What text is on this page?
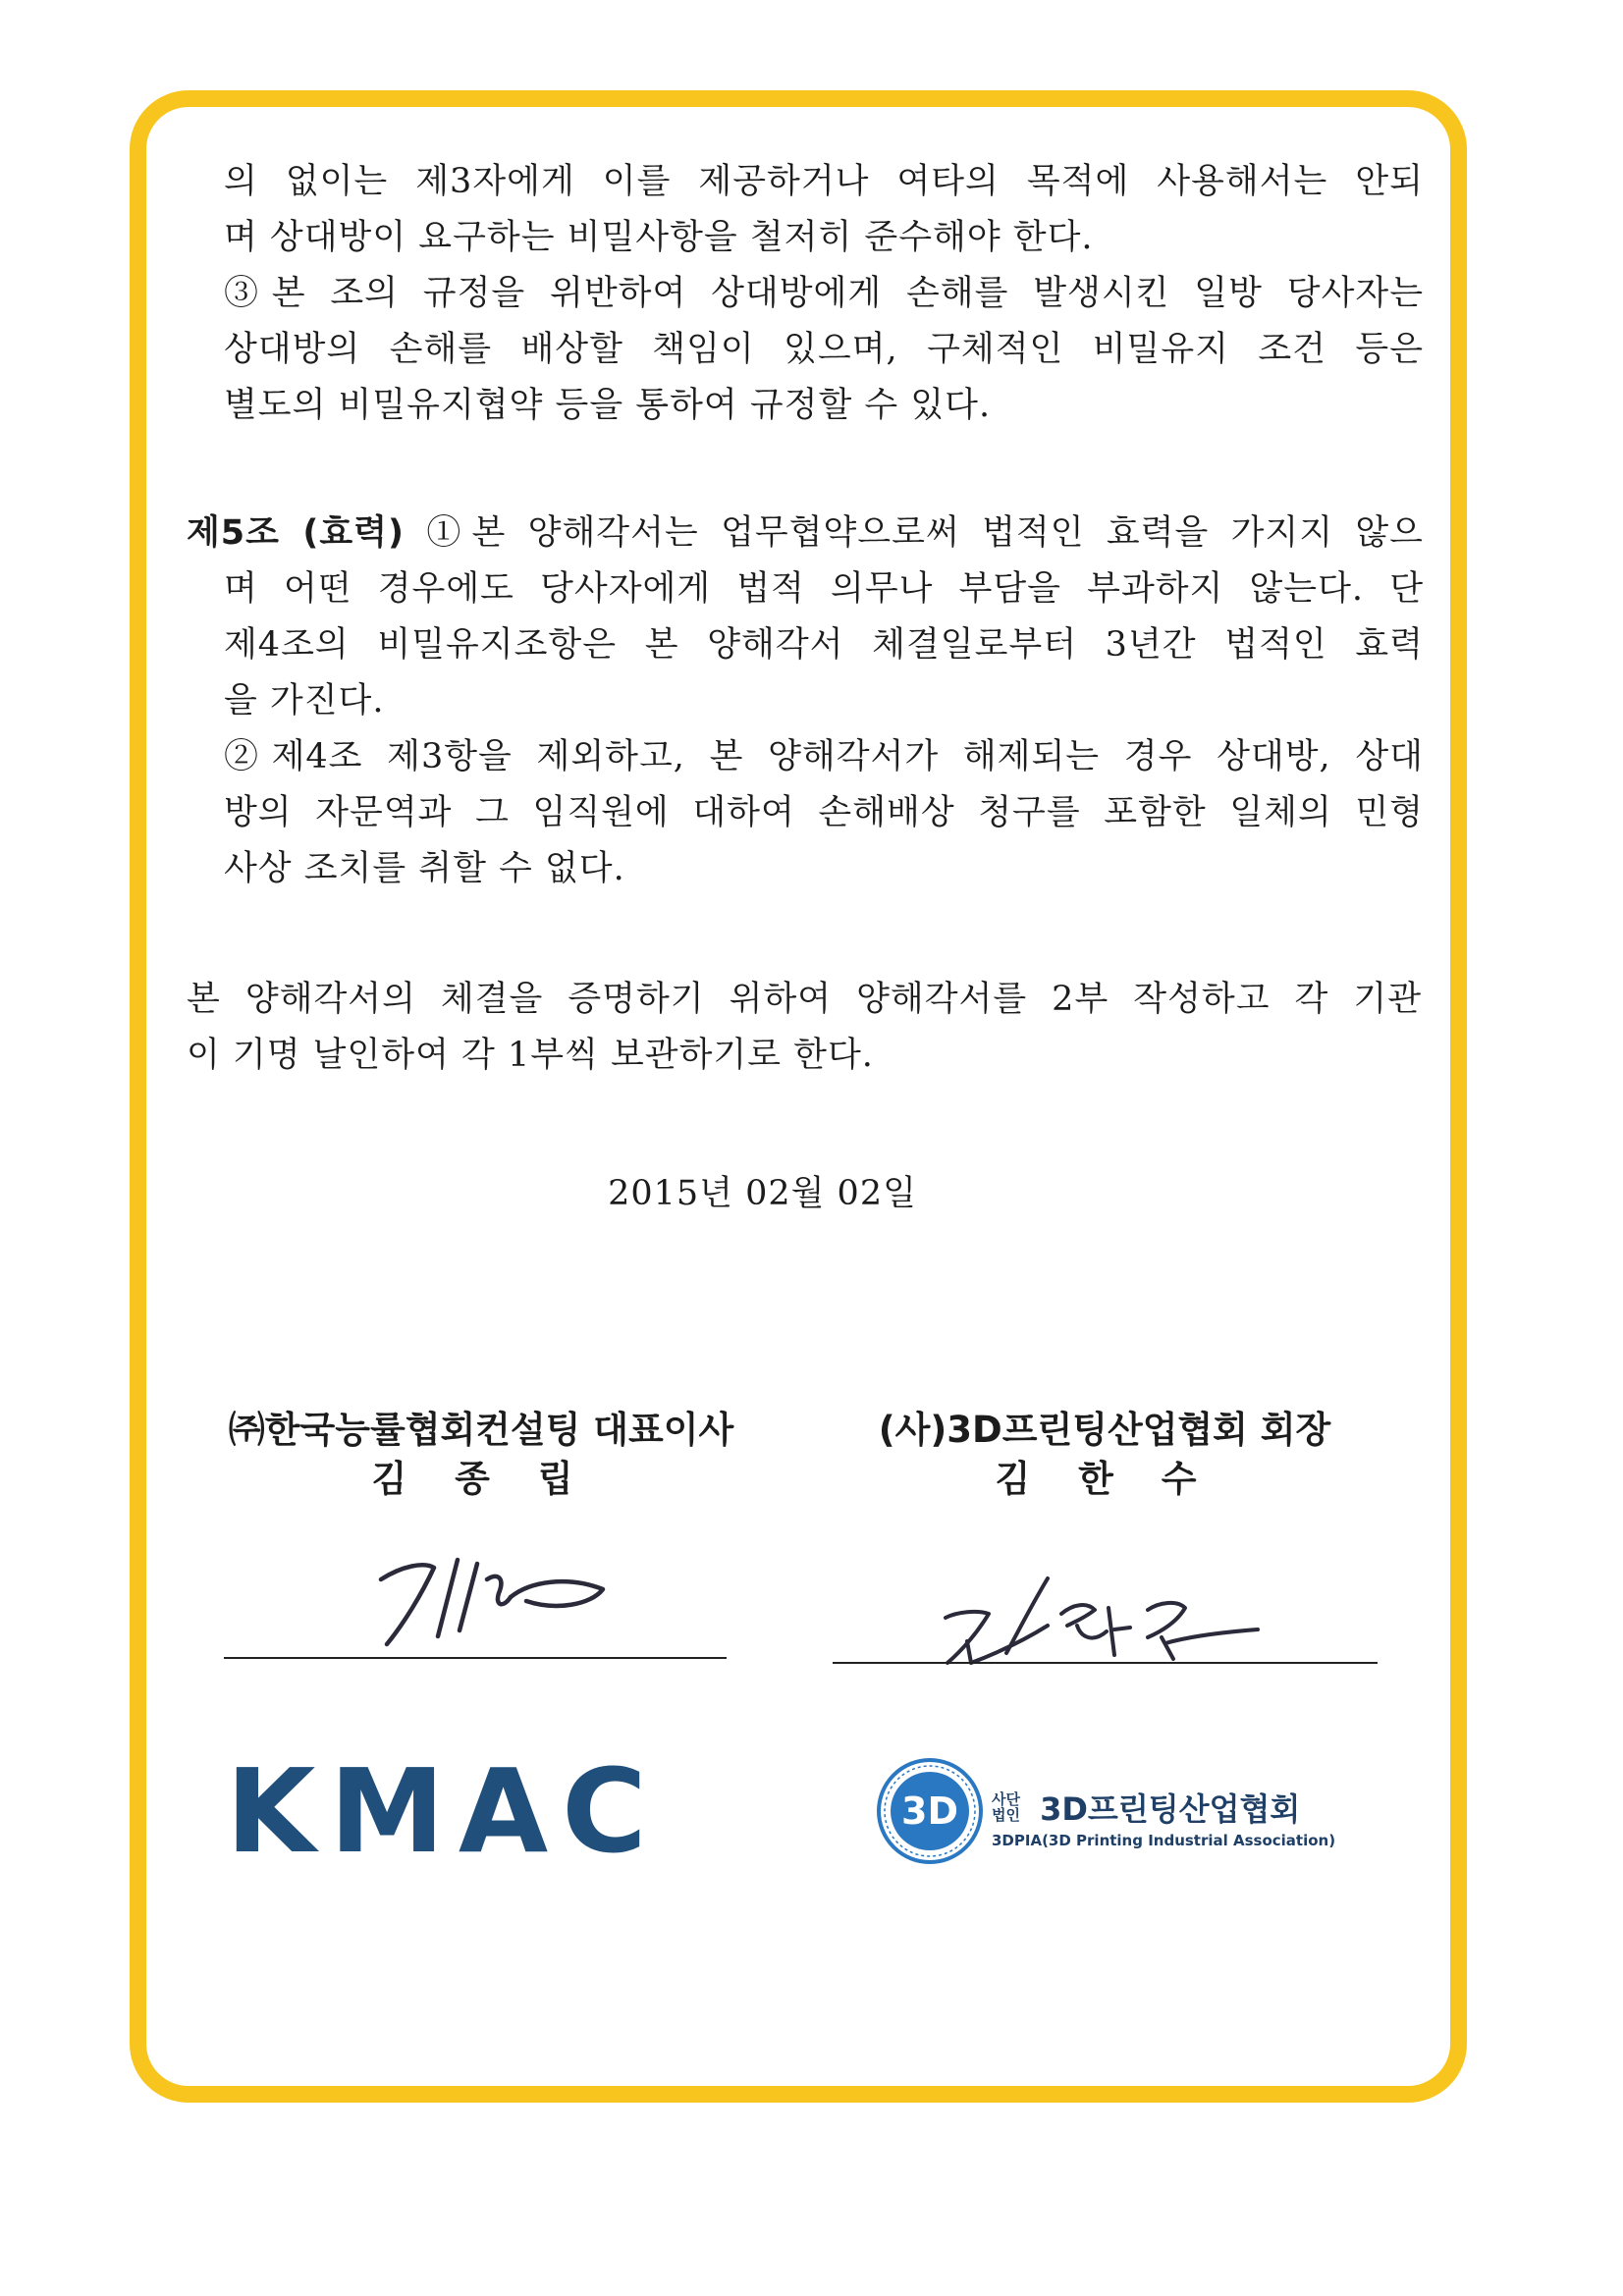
의 없이는 제3자에게 이를 제공하거나 여타의 목적에 사용해서는 안되
며 상대방이 요구하는 비밀사항을 철저히 준수해야 한다.
③본 조의 규정을 위반하여 상대방에게 손해를 발생시킨 일방 당사자는
상대방의 손해를 배상할 책임이 있으며, 구체적인 비밀유지 조건 등은
별도의 비밀유지협약 등을 통하여 규정할 수 있다.
제5조 (효력) ①본 양해각서는 업무협약으로써 법적인 효력을 가지지 않으
며 어떤 경우에도 당사자에게 법적 의무나 부담을 부과하지 않는다. 단
제4조의 비밀유지조항은 본 양해각서 체결일로부터 3년간 법적인 효력
을 가진다.
②제4조 제3항을 제외하고, 본 양해각서가 해제되는 경우 상대방, 상대
방의 자문역과 그 임직원에 대하여 손해배상 청구를 포함한 일체의 민형
사상 조치를 취할 수 없다.
본 양해각서의 체결을 증명하기 위하여 양해각서를 2부 작성하고 각 기관
이 기명 날인하여 각 1부씩 보관하기로 한다.
2015년 02월 02일
㈜한국능률협회컨설팅 대표이사
김 종 립
(사)3D프린팅산업협회 회장
김 한 수
KMAC	3D 사단
법인 3D프린팅산업협회
3DPIA(3D Printing Industrial Association)
